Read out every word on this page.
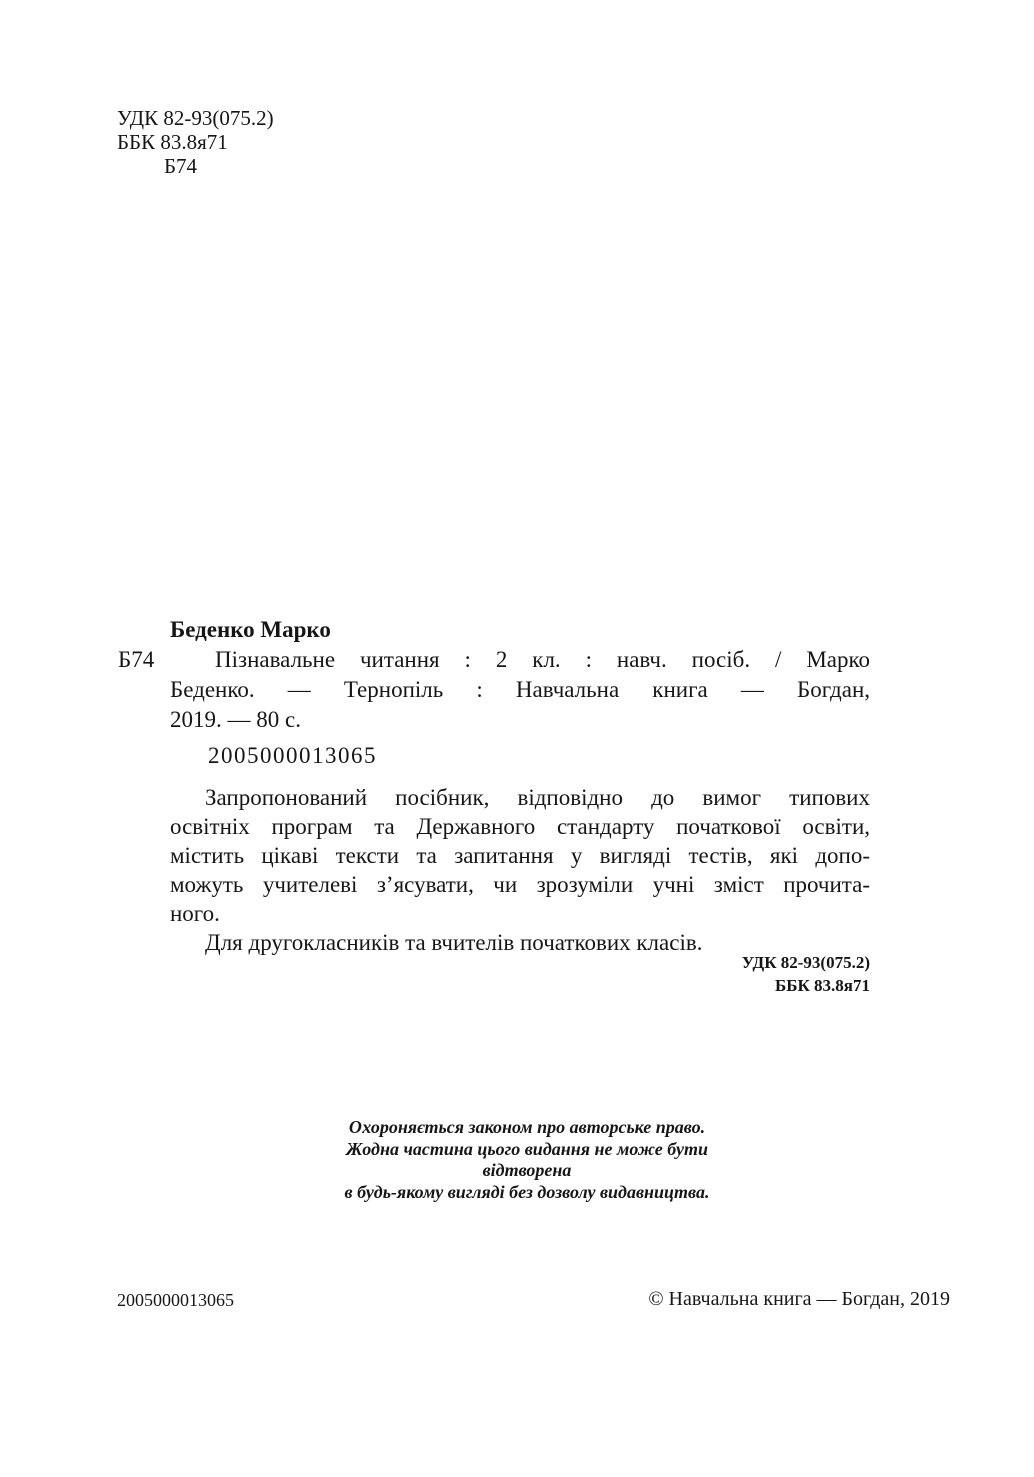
УДК 82-93(075.2)
ББК 83.8я71
Б74
Б74
Беденко Марко
Пізнавальне читання : 2 кл. : навч. посіб. / Марко
Беденко. — Тернопіль : Навчальна книга — Богдан,
2019. — 80 с.
2005000013065
Запропонований посібник, відповідно до вимог типових
освітніх програм та Державного стандарту початкової освіти,
містить цікаві тексти та запитання у вигляді тестів, які допо-
можуть учителеві з’ясувати, чи зрозуміли учні зміст прочита-
ного.
Для другокласників та вчителів початкових класів.
УДК 82-93(075.2)
ББК 83.8я71
Охороняється законом про авторське право.
Жодна частина цього видання не може бути відтворена
в будь-якому вигляді без дозволу видавництва.
2005000013065	© Навчальна книга — Богдан, 2019
